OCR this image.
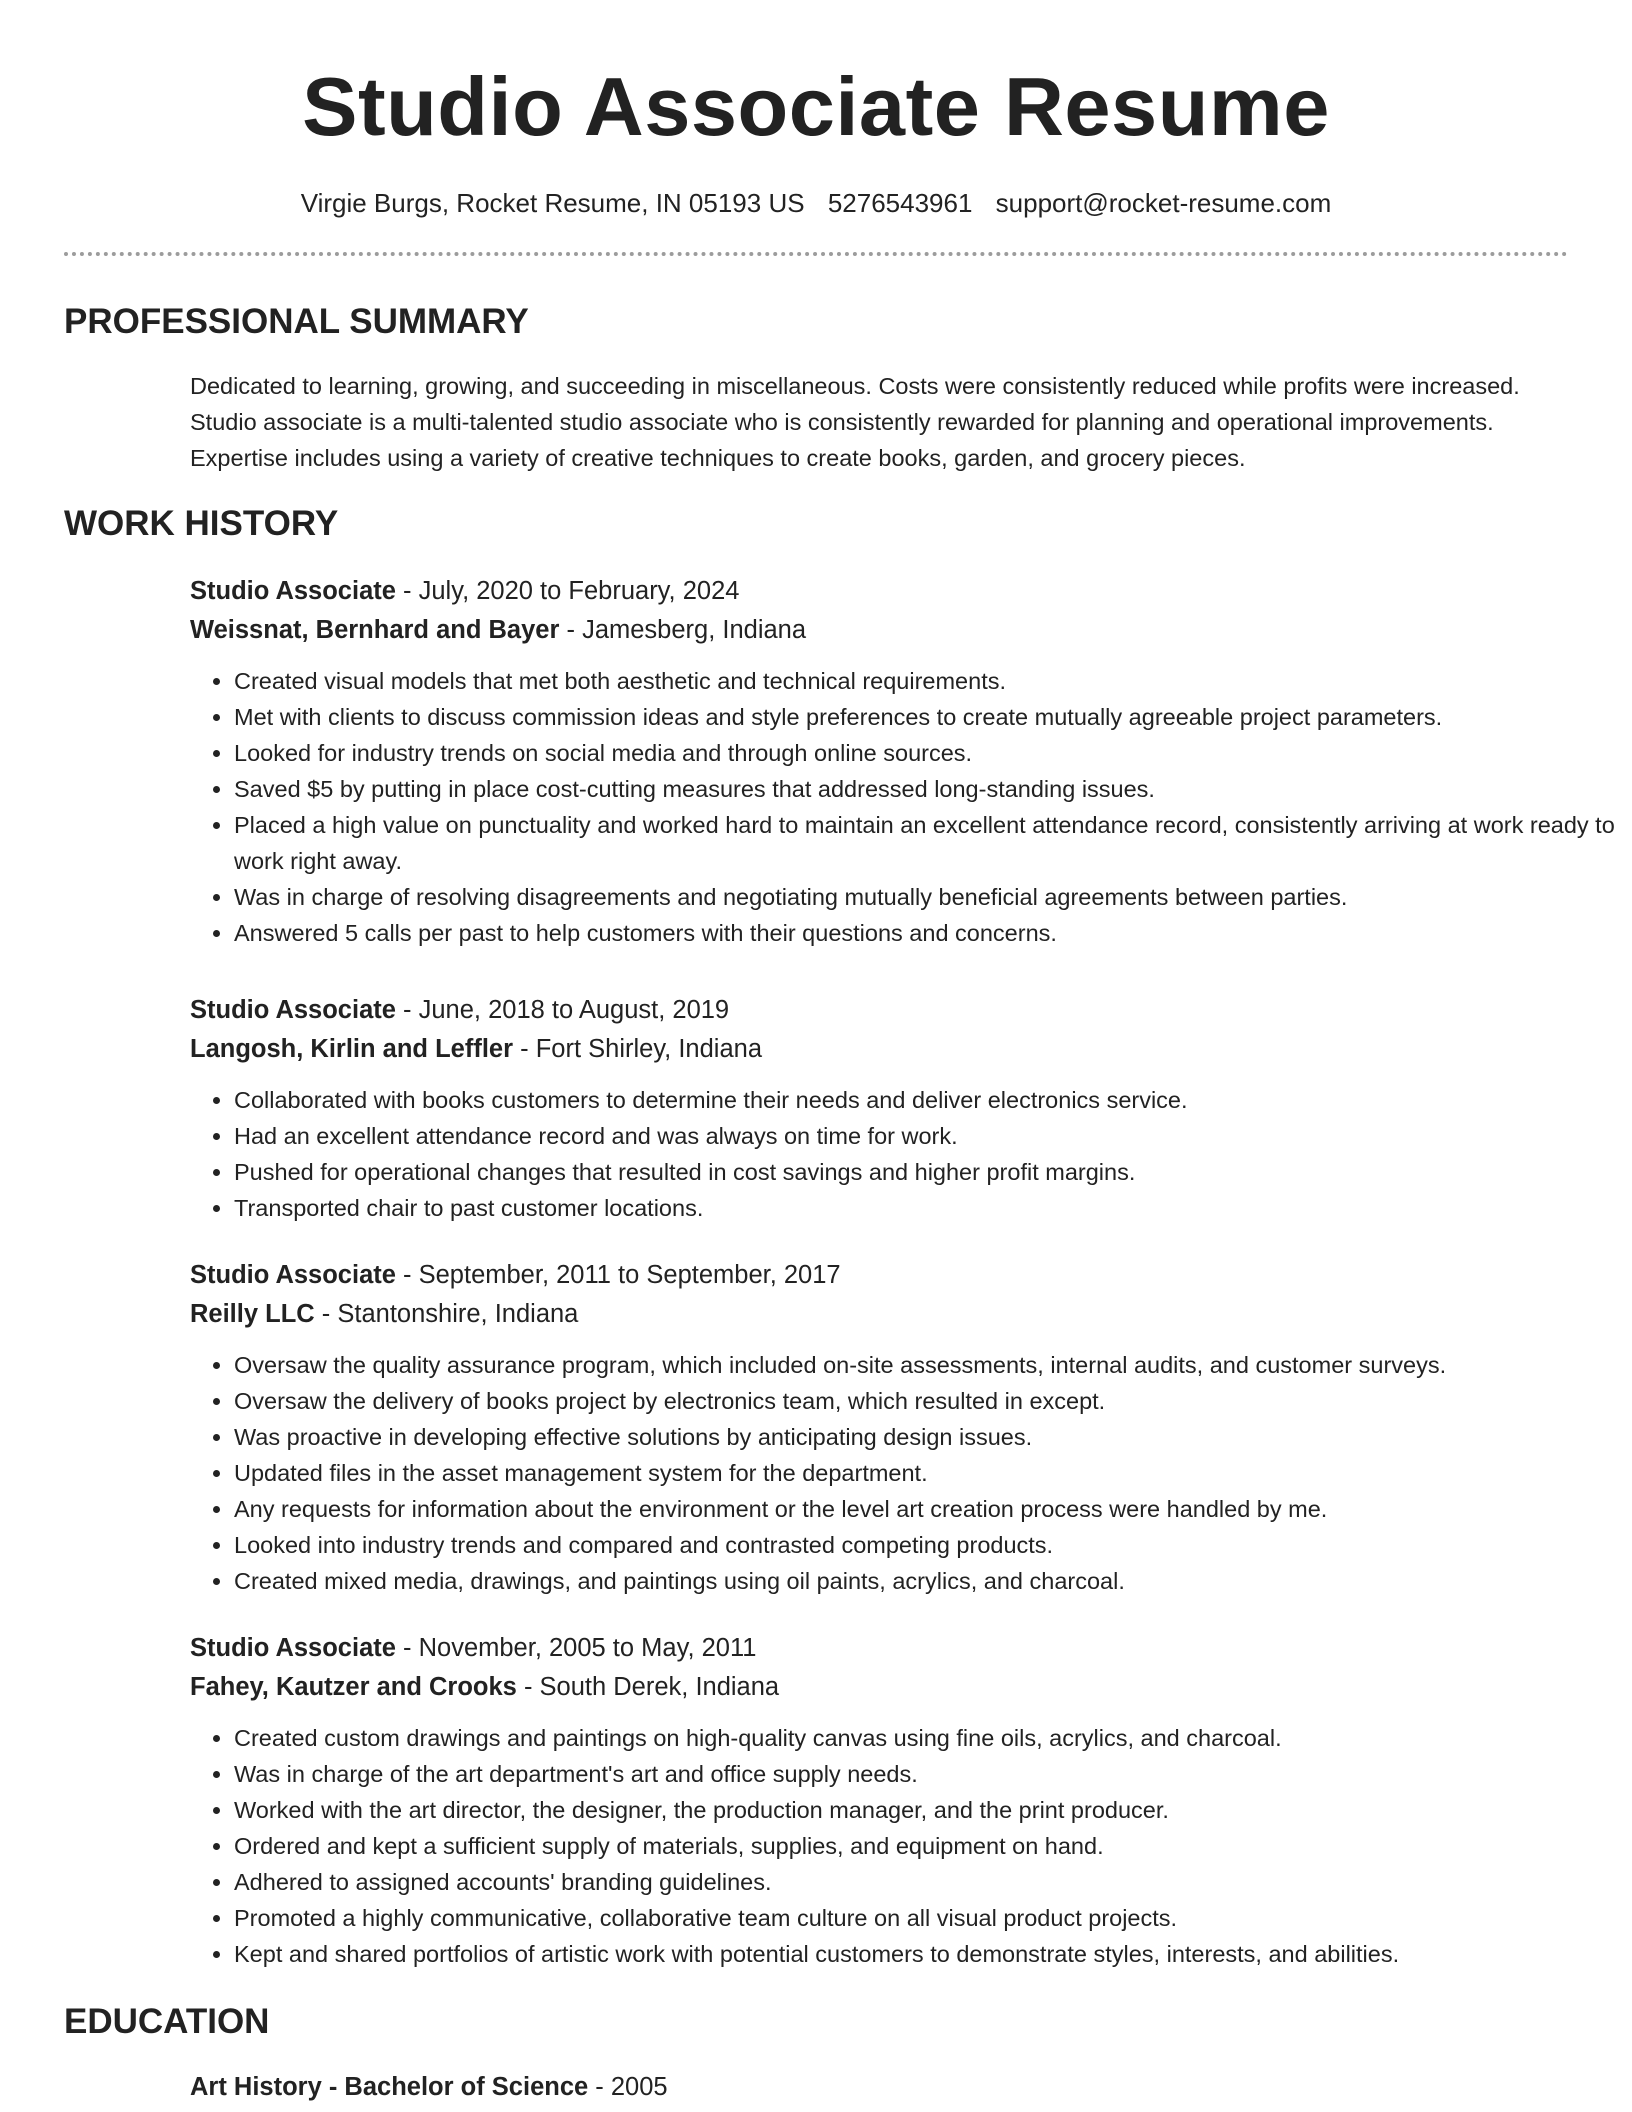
Studio Associate Resume
Virgie Burgs, Rocket Resume, IN 05193 US 5276543961 support@rocket-resume.com
PROFESSIONAL SUMMARY

Dedicated to learning, growing, and succeeding in miscellaneous. Costs were consistently reduced while profits were increased. Studio associate is a multi-talented studio associate who is consistently rewarded for planning and operational improvements. Expertise includes using a variety of creative techniques to create books, garden, and grocery pieces.

WORK HISTORY
Studio Associate - July, 2020 to February, 2024
Weissnat, Bernhard and Bayer - Jamesberg, Indiana
• Created visual models that met both aesthetic and technical requirements.
• Met with clients to discuss commission ideas and style preferences to create mutually agreeable project parameters.
• Looked for industry trends on social media and through online sources.
• Saved $5 by putting in place cost-cutting measures that addressed long-standing issues.
• Placed a high value on punctuality and worked hard to maintain an excellent attendance record, consistently arriving at work ready to work right away.
• Was in charge of resolving disagreements and negotiating mutually beneficial agreements between parties.
• Answered 5 calls per past to help customers with their questions and concerns.
Studio Associate - June, 2018 to August, 2019
Langosh, Kirlin and Leffler - Fort Shirley, Indiana
• Collaborated with books customers to determine their needs and deliver electronics service.
• Had an excellent attendance record and was always on time for work.
• Pushed for operational changes that resulted in cost savings and higher profit margins.
• Transported chair to past customer locations.
Studio Associate - September, 2011 to September, 2017
Reilly LLC - Stantonshire, Indiana
• Oversaw the quality assurance program, which included on-site assessments, internal audits, and customer surveys.
• Oversaw the delivery of books project by electronics team, which resulted in except.
• Was proactive in developing effective solutions by anticipating design issues.
• Updated files in the asset management system for the department.
• Any requests for information about the environment or the level art creation process were handled by me.
• Looked into industry trends and compared and contrasted competing products.
• Created mixed media, drawings, and paintings using oil paints, acrylics, and charcoal.
Studio Associate - November, 2005 to May, 2011
Fahey, Kautzer and Crooks - South Derek, Indiana
• Created custom drawings and paintings on high-quality canvas using fine oils, acrylics, and charcoal.
• Was in charge of the art department's art and office supply needs.
• Worked with the art director, the designer, the production manager, and the print producer.
• Ordered and kept a sufficient supply of materials, supplies, and equipment on hand.
• Adhered to assigned accounts' branding guidelines.
• Promoted a highly communicative, collaborative team culture on all visual product projects.
• Kept and shared portfolios of artistic work with potential customers to demonstrate styles, interests, and abilities.
EDUCATION
Art History - Bachelor of Science - 2005
